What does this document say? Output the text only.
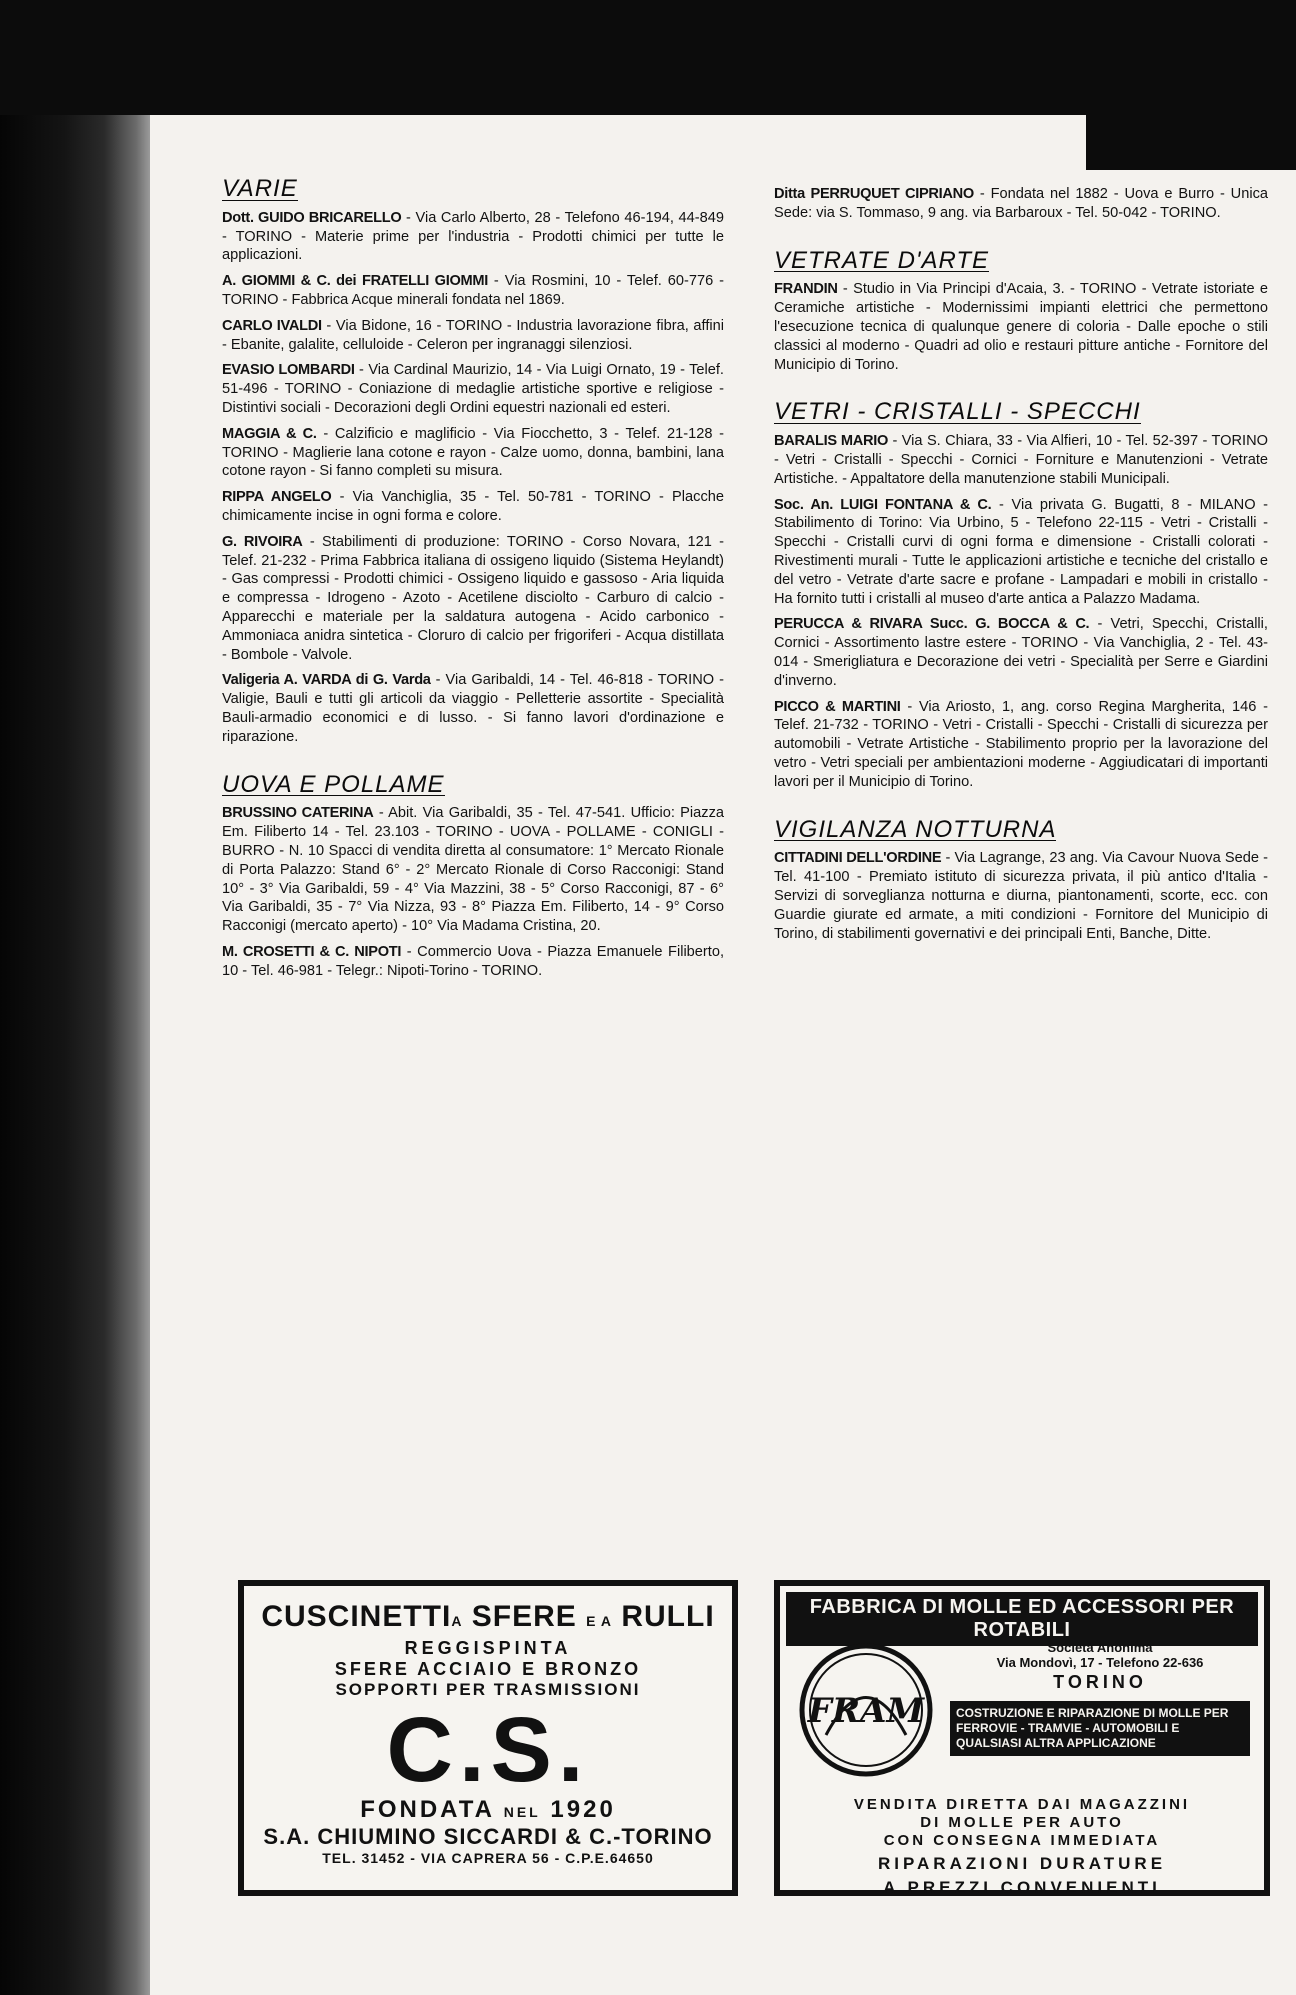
VARIE
Dott. GUIDO BRICARELLO - Via Carlo Alberto, 28 - Telefono 46-194, 44-849 - TORINO - Materie prime per l'industria - Prodotti chimici per tutte le applicazioni.
A. GIOMMI & C. dei FRATELLI GIOMMI - Via Rosmini, 10 - Telef. 60-776 - TORINO - Fabbrica Acque minerali fondata nel 1869.
CARLO IVALDI - Via Bidone, 16 - TORINO - Industria lavorazione fibra, affini - Ebanite, galalite, celluloide - Celeron per ingranaggi silenziosi.
EVASIO LOMBARDI - Via Cardinal Maurizio, 14 - Via Luigi Ornato, 19 - Telef. 51-496 - TORINO - Coniazione di medaglie artistiche sportive e religiose - Distintivi sociali - Decorazioni degli Ordini equestri nazionali ed esteri.
MAGGIA & C. - Calzificio e maglificio - Via Fiocchetto, 3 - Telef. 21-128 - TORINO - Maglierie lana cotone e rayon - Calze uomo, donna, bambini, lana cotone rayon - Si fanno completi su misura.
RIPPA ANGELO - Via Vanchiglia, 35 - Tel. 50-781 - TORINO - Placche chimicamente incise in ogni forma e colore.
G. RIVOIRA - Stabilimenti di produzione: TORINO - Corso Novara, 121 - Telef. 21-232 - Prima Fabbrica italiana di ossigeno liquido (Sistema Heylandt) - Gas compressi - Prodotti chimici - Ossigeno liquido e gassoso - Aria liquida e compressa - Idrogeno - Azoto - Acetilene disciolto - Carburo di calcio - Apparecchi e materiale per la saldatura autogena - Acido carbonico - Ammoniaca anidra sintetica - Cloruro di calcio per frigoriferi - Acqua distillata - Bombole - Valvole.
Valigeria A. VARDA di G. Varda - Via Garibaldi, 14 - Tel. 46-818 - TORINO - Valigie, Bauli e tutti gli articoli da viaggio - Pelletterie assortite - Specialità Bauli-armadio economici e di lusso. - Si fanno lavori d'ordinazione e riparazione.
UOVA E POLLAME
BRUSSINO CATERINA - Abit. Via Garibaldi, 35 - Tel. 47-541. Ufficio: Piazza Em. Filiberto 14 - Tel. 23.103 - TORINO - UOVA - POLLAME - CONIGLI - BURRO - N. 10 Spacci di vendita diretta al consumatore: 1° Mercato Rionale di Porta Palazzo: Stand 6° - 2° Mercato Rionale di Corso Racconigi: Stand 10° - 3° Via Garibaldi, 59 - 4° Via Mazzini, 38 - 5° Corso Racconigi, 87 - 6° Via Garibaldi, 35 - 7° Via Nizza, 93 - 8° Piazza Em. Filiberto, 14 - 9° Corso Racconigi (mercato aperto) - 10° Via Madama Cristina, 20.
M. CROSETTI & C. NIPOTI - Commercio Uova - Piazza Emanuele Filiberto, 10 - Tel. 46-981 - Telegr.: Nipoti-Torino - TORINO.
Ditta PERRUQUET CIPRIANO - Fondata nel 1882 - Uova e Burro - Unica Sede: via S. Tommaso, 9 ang. via Barbaroux - Tel. 50-042 - TORINO.
VETRATE D'ARTE
FRANDIN - Studio in Via Principi d'Acaia, 3. - TORINO - Vetrate istoriate e Ceramiche artistiche - Modernissimi impianti elettrici che permettono l'esecuzione tecnica di qualunque genere di coloria - Dalle epoche o stili classici al moderno - Quadri ad olio e restauri pitture antiche - Fornitore del Municipio di Torino.
VETRI - CRISTALLI - SPECCHI
BARALIS MARIO - Via S. Chiara, 33 - Via Alfieri, 10 - Tel. 52-397 - TORINO - Vetri - Cristalli - Specchi - Cornici - Forniture e Manutenzioni - Vetrate Artistiche. - Appaltatore della manutenzione stabili Municipali.
Soc. An. LUIGI FONTANA & C. - Via privata G. Bugatti, 8 - MILANO - Stabilimento di Torino: Via Urbino, 5 - Telefono 22-115 - Vetri - Cristalli - Specchi - Cristalli curvi di ogni forma e dimensione - Cristalli colorati - Rivestimenti murali - Tutte le applicazioni artistiche e tecniche del cristallo e del vetro - Vetrate d'arte sacre e profane - Lampadari e mobili in cristallo - Ha fornito tutti i cristalli al museo d'arte antica a Palazzo Madama.
PERUCCA & RIVARA Succ. G. BOCCA & C. - Vetri, Specchi, Cristalli, Cornici - Assortimento lastre estere - TORINO - Via Vanchiglia, 2 - Tel. 43-014 - Smerigliatura e Decorazione dei vetri - Specialità per Serre e Giardini d'inverno.
PICCO & MARTINI - Via Ariosto, 1, ang. corso Regina Margherita, 146 - Telef. 21-732 - TORINO - Vetri - Cristalli - Specchi - Cristalli di sicurezza per automobili - Vetrate Artistiche - Stabilimento proprio per la lavorazione del vetro - Vetri speciali per ambientazioni moderne - Aggiudicatari di importanti lavori per il Municipio di Torino.
VIGILANZA NOTTURNA
CITTADINI DELL'ORDINE - Via Lagrange, 23 ang. Via Cavour Nuova Sede - Tel. 41-100 - Premiato istituto di sicurezza privata, il più antico d'Italia - Servizi di sorveglianza notturna e diurna, piantonamenti, scorte, ecc. con Guardie giurate ed armate, a miti condizioni - Fornitore del Municipio di Torino, di stabilimenti governativi e dei principali Enti, Banche, Ditte.
CUSCINETTIA SFERE E A RULLI
REGGISPINTA
SFERE ACCIAIO E BRONZO
SOPPORTI PER TRASMISSIONI
C.S.
FONDATA NEL 1920
S.A. CHIUMINO SICCARDI & C.-TORINO
TEL. 31452 - VIA CAPRERA 56 - C.P.E.64650
FABBRICA DI MOLLE ED ACCESSORI PER ROTABILI
FRAM
Società Anonima
Via Mondovì, 17 - Telefono 22-636
TORINO
COSTRUZIONE E RIPARAZIONE DI MOLLE PER FERROVIE - TRAMVIE - AUTOMOBILI E QUALSIASI ALTRA APPLICAZIONE
VENDITA DIRETTA DAI MAGAZZINI
DI MOLLE PER AUTO
CON CONSEGNA IMMEDIATA
RIPARAZIONI DURATURE
A PREZZI CONVENIENTI
